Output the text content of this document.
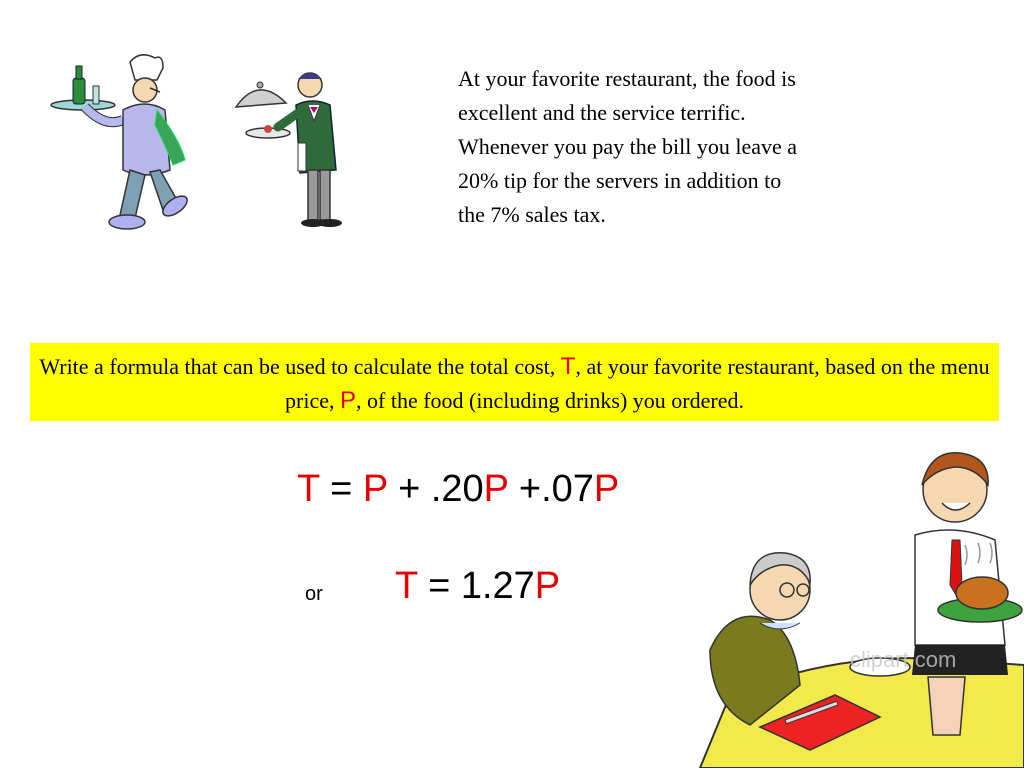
At your favorite restaurant, the food is
excellent and the service terrific.
Whenever you pay the bill you leave a
20% tip for the servers in addition to
the 7% sales tax.

Write a formula that can be used to calculate the total cost, T, at your favorite restaurant, based on the menu price, P, of the food (including drinks) you ordered.
T = P + .20P +.07P
or T = 1.27P
clipart.com
